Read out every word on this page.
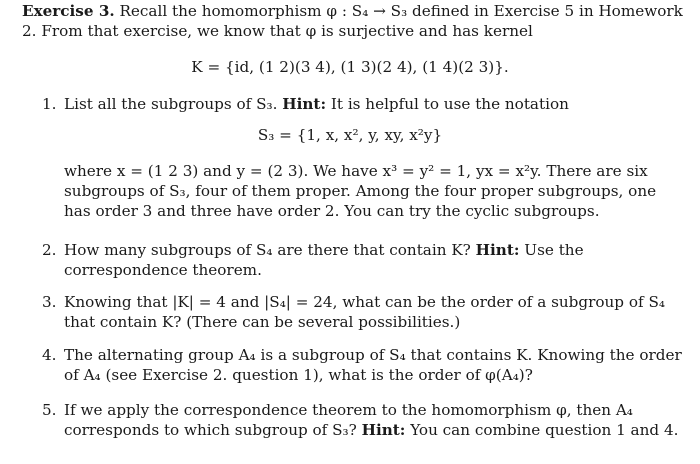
Exercise 3. Recall the homomorphism φ : S₄ → S₃ defined in Exercise 5 in Homework 2. From that exercise, we know that φ is surjective and has kernel
K = {id, (1 2)(3 4), (1 3)(2 4), (1 4)(2 3)}.
1. List all the subgroups of S₃. Hint: It is helpful to use the notation
S₃ = {1, x, x², y, xy, x²y}
where x = (1 2 3) and y = (2 3). We have x³ = y² = 1, yx = x²y. There are six subgroups of S₃, four of them proper. Among the four proper subgroups, one has order 3 and three have order 2. You can try the cyclic subgroups.
2. How many subgroups of S₄ are there that contain K? Hint: Use the correspondence theorem.
3. Knowing that |K| = 4 and |S₄| = 24, what can be the order of a subgroup of S₄ that contain K? (There can be several possibilities.)
4. The alternating group A₄ is a subgroup of S₄ that contains K. Knowing the order of A₄ (see Exercise 2. question 1), what is the order of φ(A₄)?
5. If we apply the correspondence theorem to the homomorphism φ, then A₄ corresponds to which subgroup of S₃? Hint: You can combine question 1 and 4.
